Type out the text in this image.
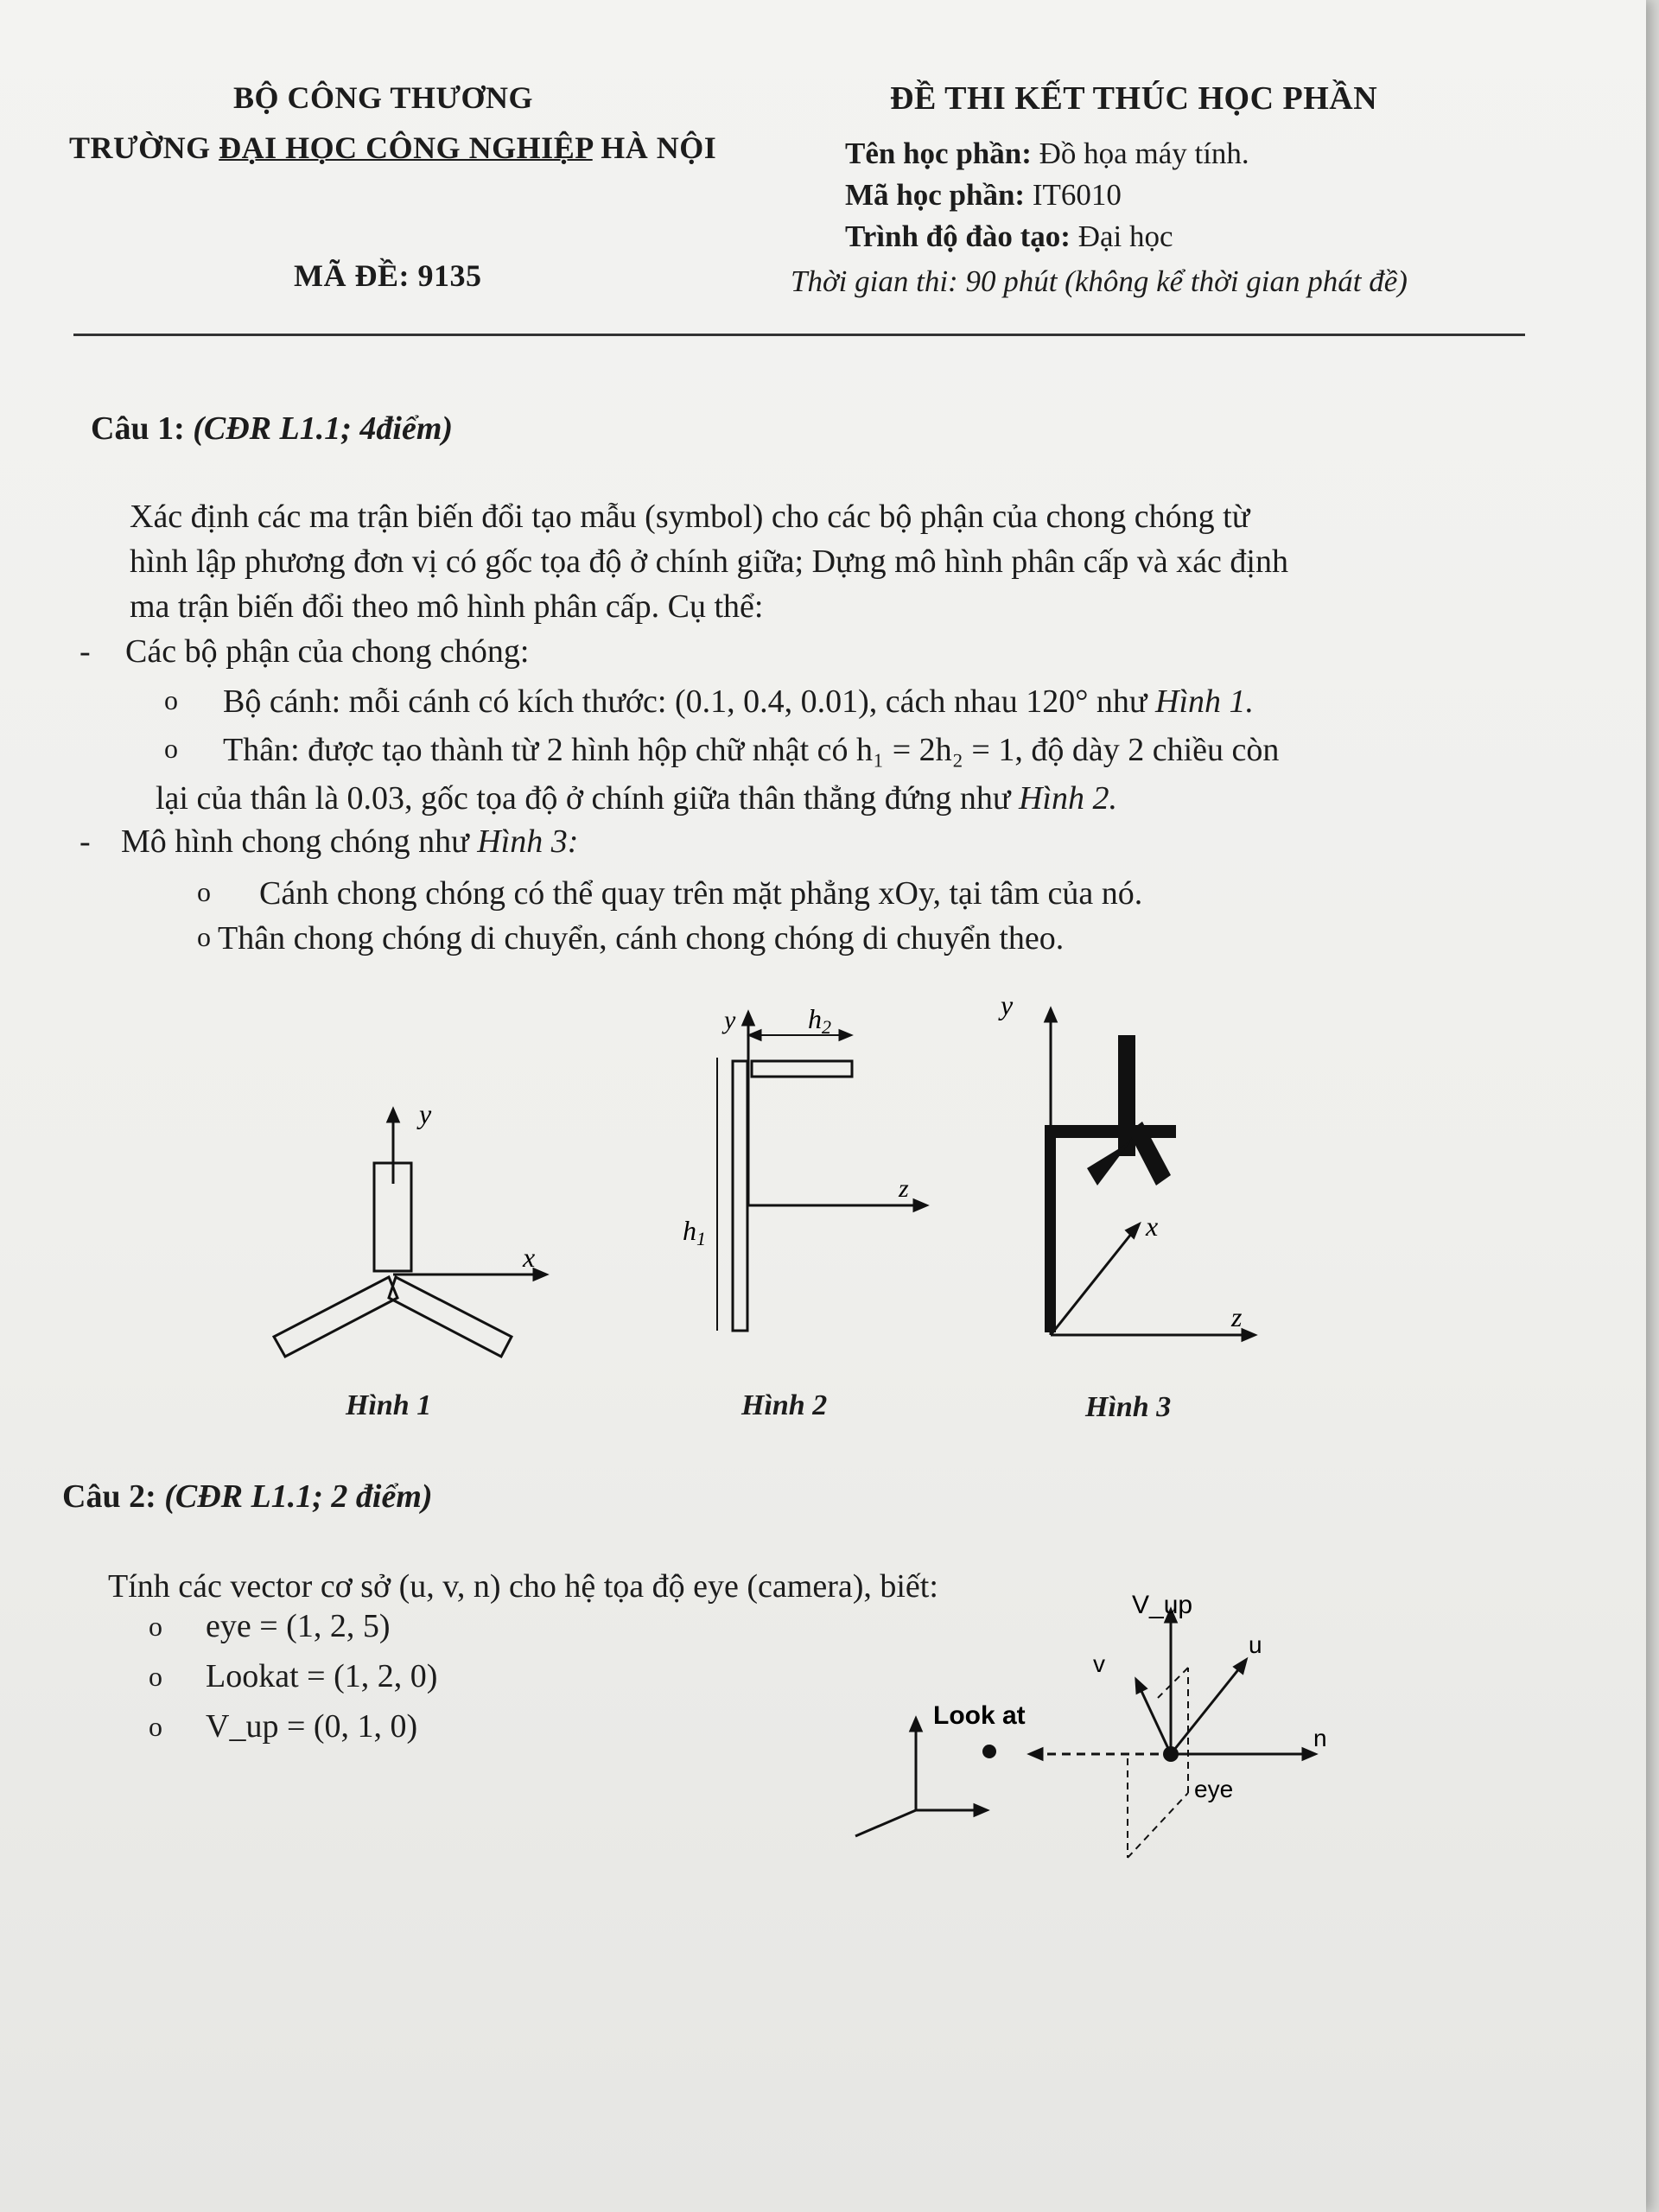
BỘ CÔNG THƯƠNG
TRƯỜNG ĐẠI HỌC CÔNG NGHIỆP HÀ NỘI
MÃ ĐỀ: 9135
ĐỀ THI KẾT THÚC HỌC PHẦN
Tên học phần: Đồ họa máy tính.
Mã học phần: IT6010
Trình độ đào tạo: Đại học
Thời gian thi: 90 phút (không kể thời gian phát đề)
Câu 1: (CĐR L1.1; 4điểm)
Xác định các ma trận biến đổi tạo mẫu (symbol) cho các bộ phận của chong chóng từ
hình lập phương đơn vị có gốc tọa độ ở chính giữa; Dựng mô hình phân cấp và xác định
ma trận biến đổi theo mô hình phân cấp. Cụ thể:
- Các bộ phận của chong chóng:
o Bộ cánh: mỗi cánh có kích thước: (0.1, 0.4, 0.01), cách nhau 120° như Hình 1.
o Thân: được tạo thành từ 2 hình hộp chữ nhật có h₁ = 2h₂ = 1, độ dày 2 chiều còn
lại của thân là 0.03, gốc tọa độ ở chính giữa thân thẳng đứng như Hình 2.
- Mô hình chong chóng như Hình 3:
o Cánh chong chóng có thể quay trên mặt phẳng xOy, tại tâm của nó.
o Thân chong chóng di chuyển, cánh chong chóng di chuyển theo.
y
x
Hình 1
y
z
h1
h2
Hình 2
y
x
z
Hình 3
Câu 2: (CĐR L1.1; 2 điểm)
Tính các vector cơ sở (u, v, n) cho hệ tọa độ eye (camera), biết:
o eye = (1, 2, 5)
o Lookat = (1, 2, 0)
o V_up = (0, 1, 0)
V_up
u
v
n
eye
Look at
